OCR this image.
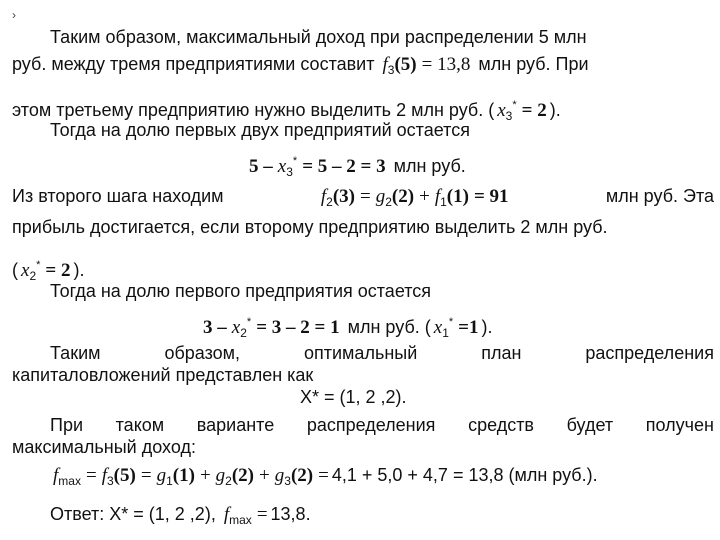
›
Таким образом, максимальный доход при распределении 5 млн
руб. между тремя предприятиями составит $f_3(5) = 13,8$ млн руб. При
этом третьему предприятию нужно выделить 2 млн руб. ( $x_3^* = 2$ ).
Тогда на долю первых двух предприятий остается
$5 - x_3^* = 5 - 2 = 3$ млн руб.
Из второго шага находим	$f_2(3) = g_2(2) + f_1(1) = 91$	млн руб. Эта
прибыль достигается, если второму предприятию выделить 2 млн руб.
( $x_2^* = 2$ ).
Тогда на долю первого предприятия остается
$3 - x_2^* = 3 - 2 = 1$ млн руб. ( $x_1^* =1$ ).
Таким	образом,	оптимальный	план	распределения
капиталовложений представлен как
X* = (1, 2 ,2).
При таком варианте распределения средств будет получен
максимальный доход:
$f_{max} = f_3(5) = g_1(1) + g_2(2) + g_3(2) = 4,1 + 5,0 + 4,7 = 13,8$ (млн руб.).
Ответ: X* = (1, 2 ,2), $f_{max} = 13,8$.
